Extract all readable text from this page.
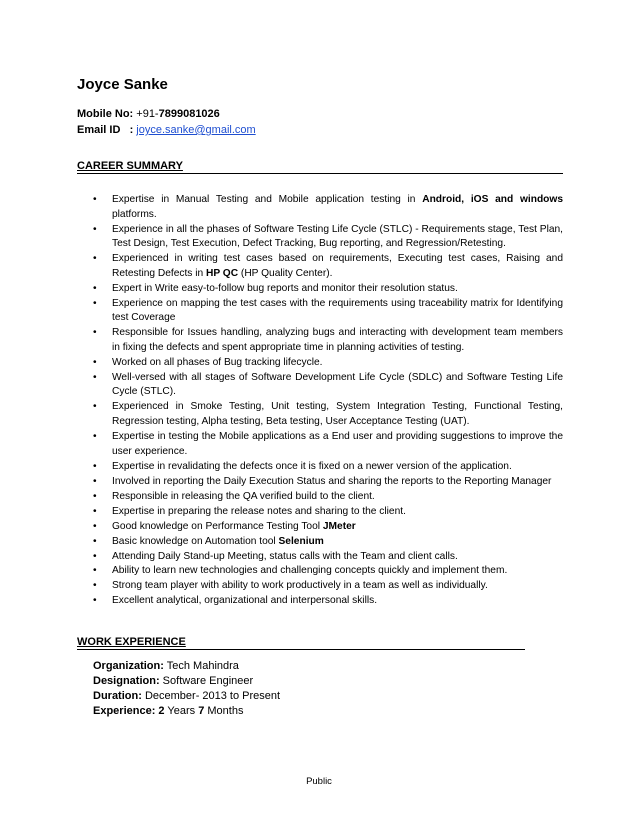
Joyce Sanke
Mobile No: +91-7899081026
Email ID   : joyce.sanke@gmail.com
CAREER SUMMARY
• Expertise in Manual Testing and Mobile application testing in Android, iOS and windows platforms.
• Experience in all the phases of Software Testing Life Cycle (STLC) - Requirements stage, Test Plan, Test Design, Test Execution, Defect Tracking, Bug reporting, and Regression/Retesting.
• Experienced in writing test cases based on requirements, Executing test cases, Raising and Retesting Defects in HP QC (HP Quality Center).
• Expert in Write easy-to-follow bug reports and monitor their resolution status.
• Experience on mapping the test cases with the requirements using traceability matrix for Identifying test Coverage
• Responsible for Issues handling, analyzing bugs and interacting with development team members in fixing the defects and spent appropriate time in planning activities of testing.
• Worked on all phases of Bug tracking lifecycle.
• Well-versed with all stages of Software Development Life Cycle (SDLC) and Software Testing Life Cycle (STLC).
• Experienced in Smoke Testing, Unit testing, System Integration Testing, Functional Testing, Regression testing, Alpha testing, Beta testing, User Acceptance Testing (UAT).
• Expertise in testing the Mobile applications as a End user and providing suggestions to improve the user experience.
• Expertise in revalidating the defects once it is fixed on a newer version of the application.
• Involved in reporting the Daily Execution Status and sharing the reports to the Reporting Manager
• Responsible in releasing the QA verified build to the client.
• Expertise in preparing the release notes and sharing to the client.
• Good knowledge on Performance Testing Tool JMeter
• Basic knowledge on Automation tool Selenium
• Attending Daily Stand-up Meeting, status calls with the Team and client calls.
• Ability to learn new technologies and challenging concepts quickly and implement them.
• Strong team player with ability to work productively in a team as well as individually.
• Excellent analytical, organizational and interpersonal skills.
WORK EXPERIENCE
Organization: Tech Mahindra
Designation: Software Engineer
Duration: December- 2013 to Present
Experience: 2 Years 7 Months
Public
